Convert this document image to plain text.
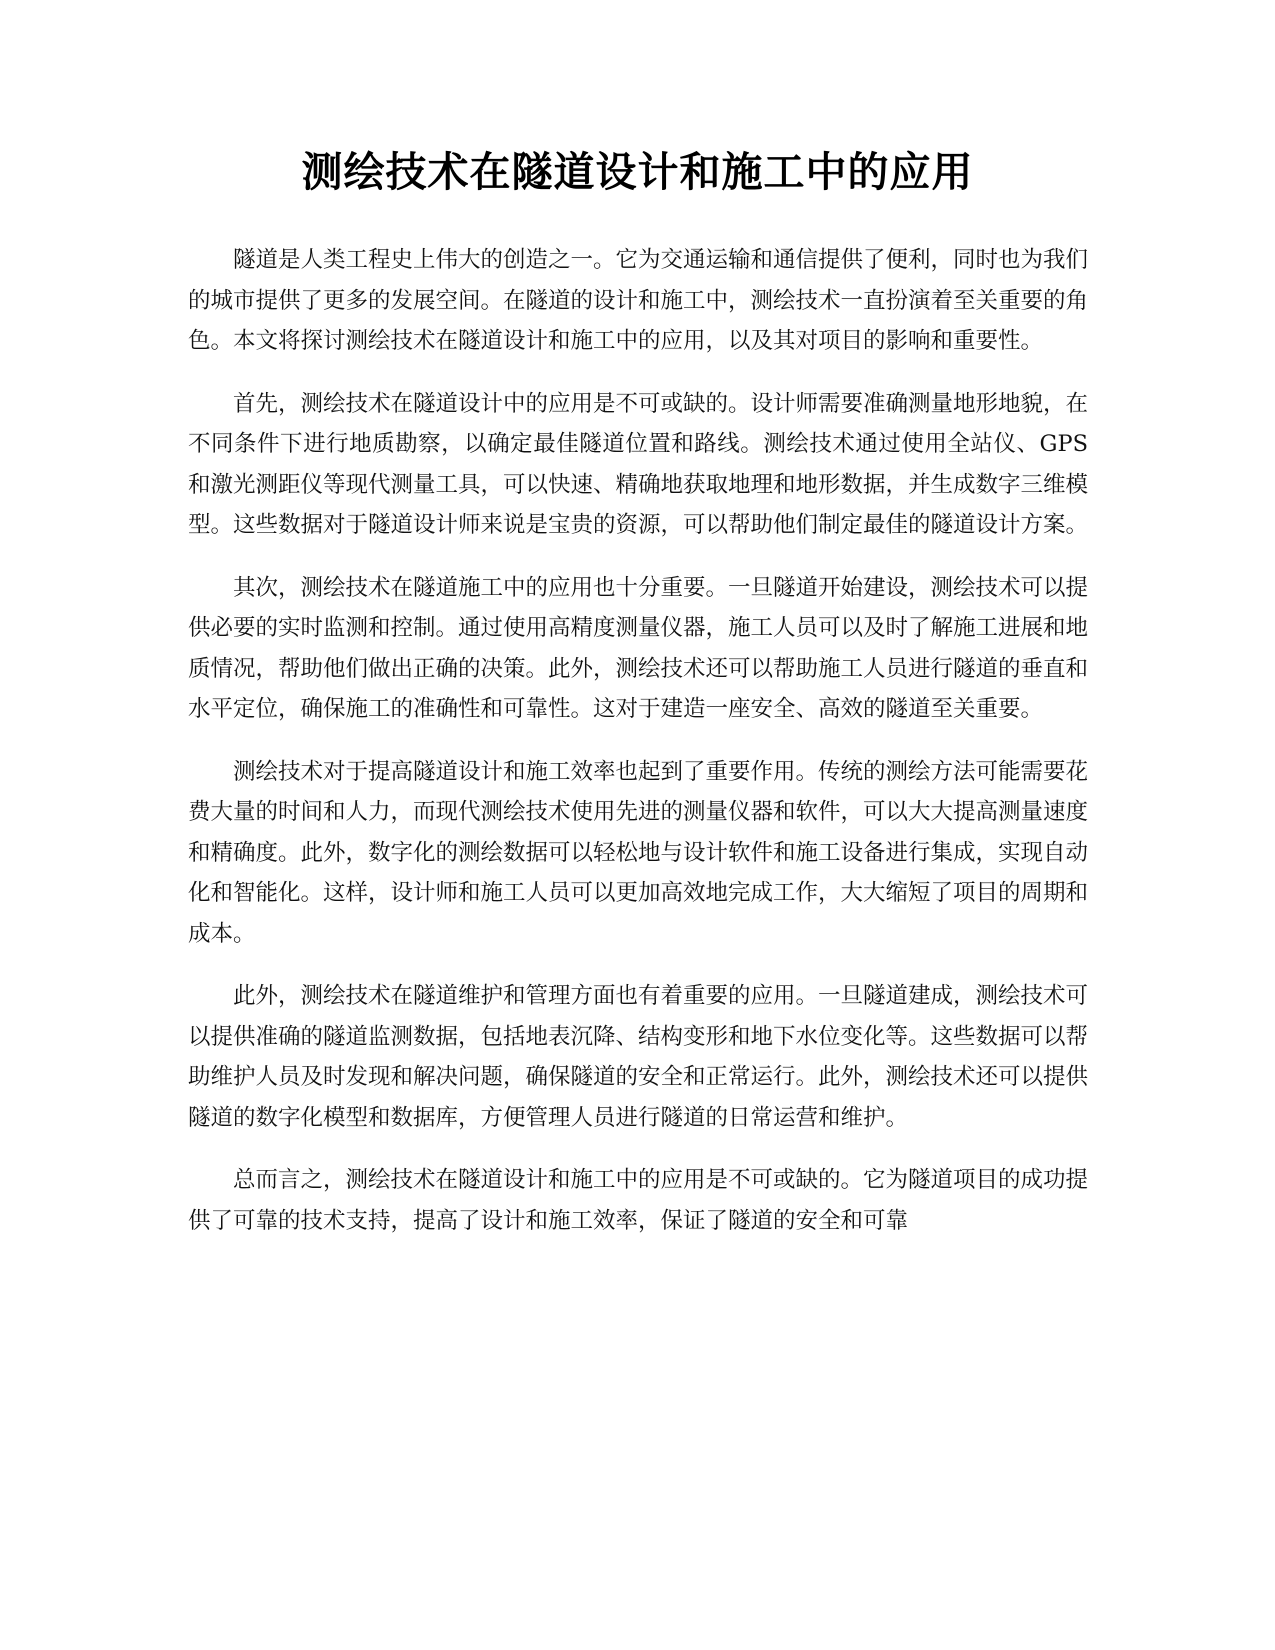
测绘技术在隧道设计和施工中的应用

隧道是人类工程史上伟大的创造之一。它为交通运输和通信提供了便利，同时也为我们的城市提供了更多的发展空间。在隧道的设计和施工中，测绘技术一直扮演着至关重要的角色。本文将探讨测绘技术在隧道设计和施工中的应用，以及其对项目的影响和重要性。

首先，测绘技术在隧道设计中的应用是不可或缺的。设计师需要准确测量地形地貌，在不同条件下进行地质勘察，以确定最佳隧道位置和路线。测绘技术通过使用全站仪、GPS和激光测距仪等现代测量工具，可以快速、精确地获取地理和地形数据，并生成数字三维模型。这些数据对于隧道设计师来说是宝贵的资源，可以帮助他们制定最佳的隧道设计方案。

其次，测绘技术在隧道施工中的应用也十分重要。一旦隧道开始建设，测绘技术可以提供必要的实时监测和控制。通过使用高精度测量仪器，施工人员可以及时了解施工进展和地质情况，帮助他们做出正确的决策。此外，测绘技术还可以帮助施工人员进行隧道的垂直和水平定位，确保施工的准确性和可靠性。这对于建造一座安全、高效的隧道至关重要。

测绘技术对于提高隧道设计和施工效率也起到了重要作用。传统的测绘方法可能需要花费大量的时间和人力，而现代测绘技术使用先进的测量仪器和软件，可以大大提高测量速度和精确度。此外，数字化的测绘数据可以轻松地与设计软件和施工设备进行集成，实现自动化和智能化。这样，设计师和施工人员可以更加高效地完成工作，大大缩短了项目的周期和成本。

此外，测绘技术在隧道维护和管理方面也有着重要的应用。一旦隧道建成，测绘技术可以提供准确的隧道监测数据，包括地表沉降、结构变形和地下水位变化等。这些数据可以帮助维护人员及时发现和解决问题，确保隧道的安全和正常运行。此外，测绘技术还可以提供隧道的数字化模型和数据库，方便管理人员进行隧道的日常运营和维护。

总而言之，测绘技术在隧道设计和施工中的应用是不可或缺的。它为隧道项目的成功提供了可靠的技术支持，提高了设计和施工效率，保证了隧道的安全和可靠
